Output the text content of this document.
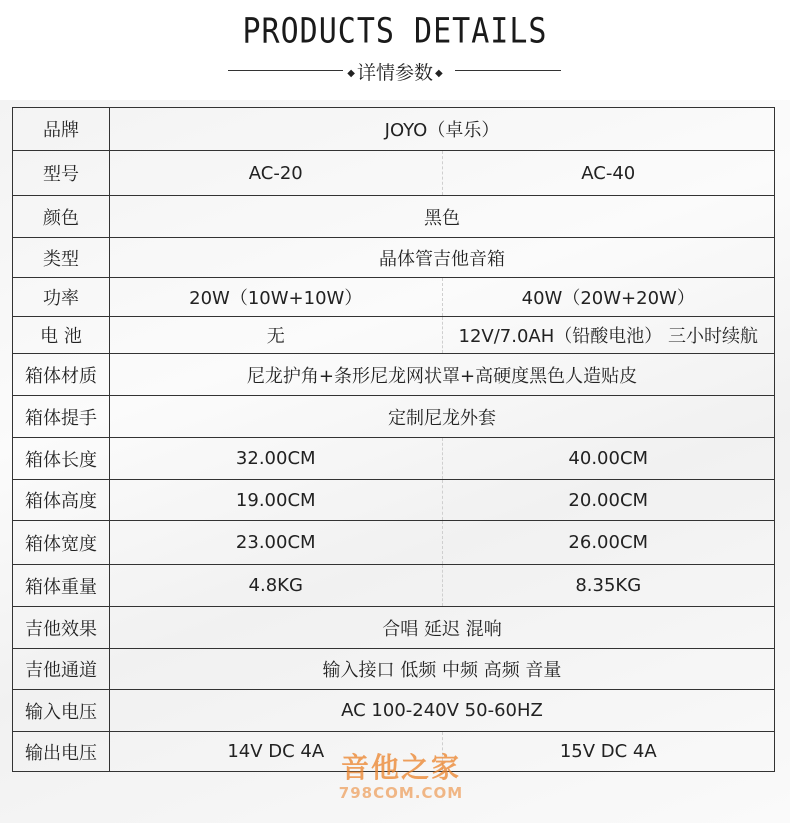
PRODUCTS DETAILS
◆ 详情参数 ◆
品牌	JOYO（卓乐）	
型号	AC-20	AC-40
颜色	黑色	
类型	晶体管吉他音箱	
功率	20W（10W+10W）	40W（20W+20W）
电 池	无	12V/7.0AH（铅酸电池） 三小时续航
箱体材质	尼龙护角+条形尼龙网状罩+高硬度黑色人造贴皮	
箱体提手	定制尼龙外套	
箱体长度	32.00CM	40.00CM
箱体高度	19.00CM	20.00CM
箱体宽度	23.00CM	26.00CM
箱体重量	4.8KG	8.35KG
吉他效果	合唱 延迟 混响	
吉他通道	输入接口 低频 中频 高频 音量	
输入电压	AC 100-240V 50-60HZ	
输出电压	14V DC 4A	15V DC 4A
音他之家
798COM.COM
